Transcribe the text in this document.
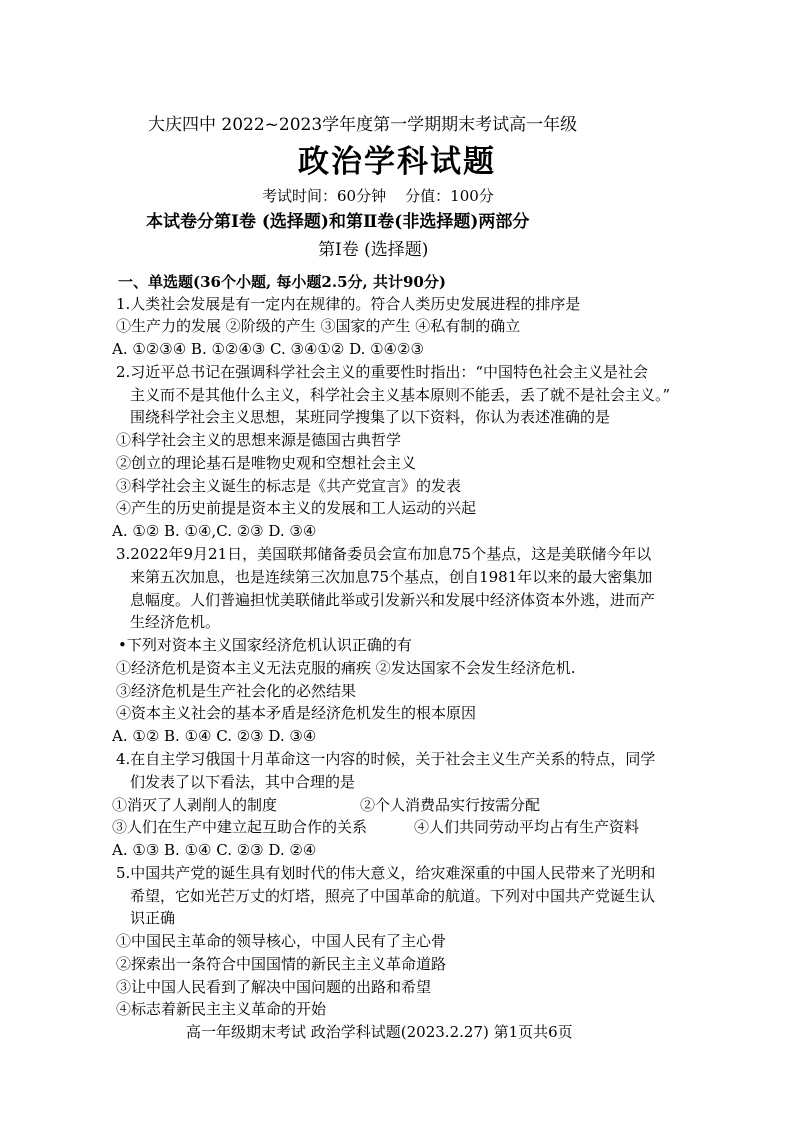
大庆四中 2022~2023学年度第一学期期末考试高一年级
政治学科试题
考试时间：60分钟    分值：100分
本试卷分第Ⅰ卷 (选择题)和第Ⅱ卷(非选择题)两部分
第Ⅰ卷 (选择题)
一、单选题(36个小题, 每小题2.5分, 共计90分)
1.人类社会发展是有一定内在规律的。符合人类历史发展进程的排序是
①生产力的发展 ②阶级的产生 ③国家的产生 ④私有制的确立
A. ①②③④ B. ①②④③ C. ③④①② D. ①④②③
2.习近平总书记在强调科学社会主义的重要性时指出：“中国特色社会主义是社会
主义而不是其他什么主义，科学社会主义基本原则不能丢，丢了就不是社会主义。”
围绕科学社会主义思想，某班同学搜集了以下资料，你认为表述准确的是
①科学社会主义的思想来源是德国古典哲学
②创立的理论基石是唯物史观和空想社会主义
③科学社会主义诞生的标志是《共产党宣言》的发表
④产生的历史前提是资本主义的发展和工人运动的兴起
A. ①② B. ①④,C. ②③ D. ③④
3.2022年9月21日，美国联邦储备委员会宣布加息75个基点，这是美联储今年以
来第五次加息，也是连续第三次加息75个基点，创自1981年以来的最大密集加
息幅度。人们普遍担忧美联储此举或引发新兴和发展中经济体资本外逃，进而产
生经济危机。
•下列对资本主义国家经济危机认识正确的有
①经济危机是资本主义无法克服的痛疾 ②发达国家不会发生经济危机.
③经济危机是生产社会化的必然结果
④资本主义社会的基本矛盾是经济危机发生的根本原因
A. ①② B. ①④ C. ②③ D. ③④
4.在自主学习俄国十月革命这一内容的时候，关于社会主义生产关系的特点，同学
们发表了以下看法，其中合理的是
①消灭了人剥削人的制度	②个人消费品实行按需分配
③人们在生产中建立起互助合作的关系	④人们共同劳动平均占有生产资料
A. ①③ B. ①④ C. ②③ D. ②④
5.中国共产党的诞生具有划时代的伟大意义，给灾难深重的中国人民带来了光明和
希望，它如光芒万丈的灯塔，照亮了中国革命的航道。下列对中国共产党诞生认
识正确
①中国民主革命的领导核心，中国人民有了主心骨
②探索出一条符合中国国情的新民主主义革命道路
③让中国人民看到了解决中国问题的出路和希望
④标志着新民主主义革命的开始
高一年级期末考试 政治学科试题(2023.2.27) 第1页共6页
